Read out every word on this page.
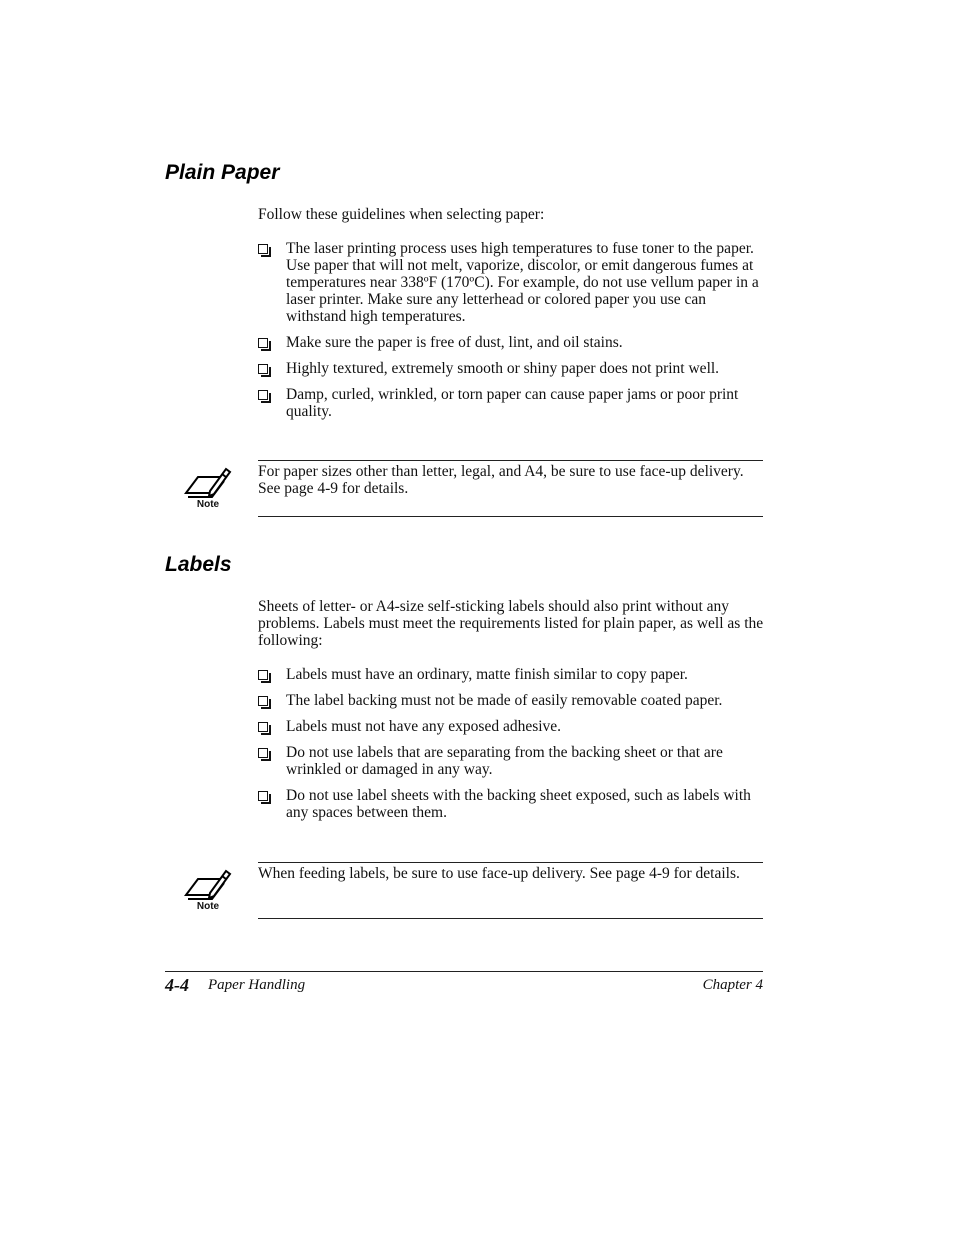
Plain Paper

Follow these guidelines when selecting paper:

The laser printing process uses high temperatures to fuse toner to the paper. Use paper that will not melt, vaporize, discolor, or emit dangerous fumes at temperatures near 338ºF (170ºC). For example, do not use vellum paper in a laser printer. Make sure any letterhead or colored paper you use can withstand high temperatures.
Make sure the paper is free of dust, lint, and oil stains.
Highly textured, extremely smooth or shiny paper does not print well.
Damp, curled, wrinkled, or torn paper can cause paper jams or poor print quality.
Note

For paper sizes other than letter, legal, and A4, be sure to use face-up delivery. See page 4-9 for details.

Labels

Sheets of letter- or A4-size self-sticking labels should also print without any problems. Labels must meet the requirements listed for plain paper, as well as the following:

Labels must have an ordinary, matte finish similar to copy paper.
The label backing must not be made of easily removable coated paper.
Labels must not have any exposed adhesive.
Do not use labels that are separating from the backing sheet or that are wrinkled or damaged in any way.
Do not use label sheets with the backing sheet exposed, such as labels with any spaces between them.
Note

When feeding labels, be sure to use face-up delivery. See page 4-9 for details.

4-4 Paper Handling	Chapter 4
